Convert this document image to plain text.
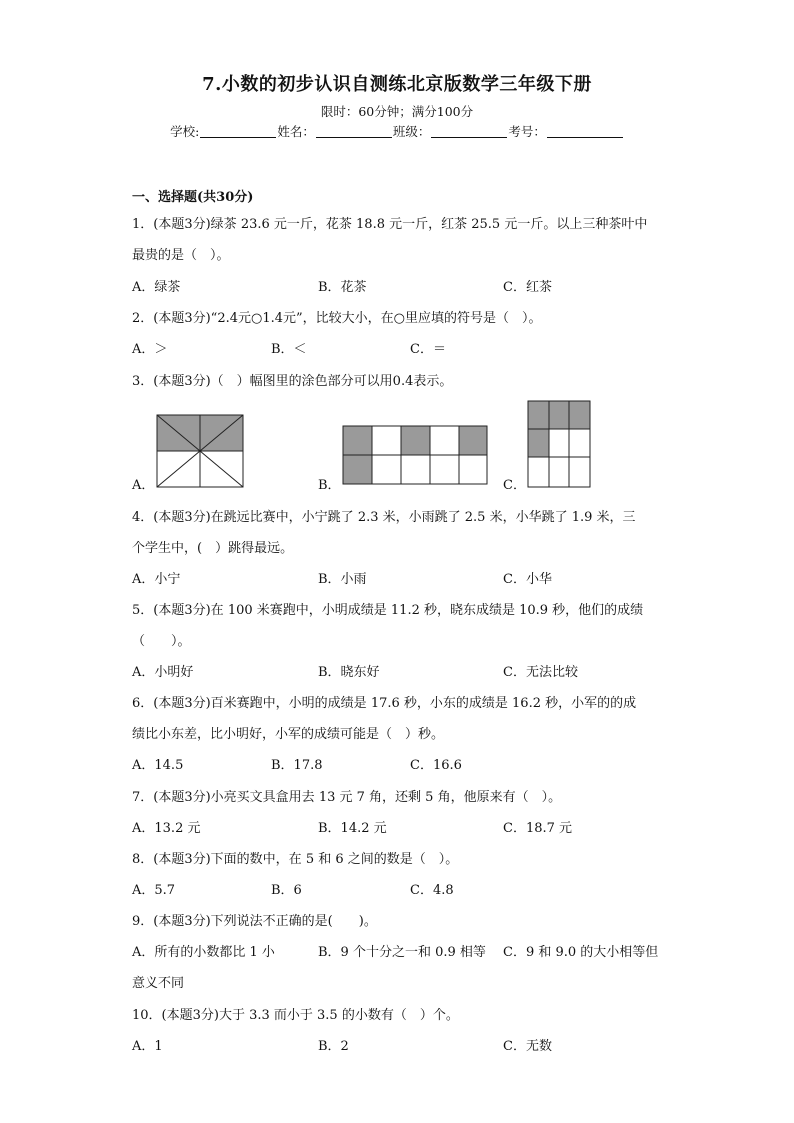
7.小数的初步认识自测练北京版数学三年级下册
限时：60分钟；满分100分
学校:	姓名：	班级：	考号：
一、选择题(共30分)
1．(本题3分)绿茶 23.6 元一斤，花茶 18.8 元一斤，红茶 25.5 元一斤。以上三种茶叶中
最贵的是（　）。
A．绿茶	B．花茶	C．红茶
2．(本题3分)“2.4元○1.4元”，比较大小，在○里应填的符号是（　）。
A．＞	B．＜	C．＝
3．(本题3分)（　）幅图里的涂色部分可以用0.4表示。
A．	B．	C．
4．(本题3分)在跳远比赛中，小宁跳了 2.3 米，小雨跳了 2.5 米，小华跳了 1.9 米，三
个学生中，(　）跳得最远。
A．小宁	B．小雨	C．小华
5．(本题3分)在 100 米赛跑中，小明成绩是 11.2 秒，晓东成绩是 10.9 秒，他们的成绩
（　　）。
A．小明好	B．晓东好	C．无法比较
6．(本题3分)百米赛跑中，小明的成绩是 17.6 秒，小东的成绩是 16.2 秒，小军的的成
绩比小东差，比小明好，小军的成绩可能是（　）秒。
A．14.5	B．17.8	C．16.6
7．(本题3分)小亮买文具盒用去 13 元 7 角，还剩 5 角，他原来有（　）。
A．13.2 元	B．14.2 元	C．18.7 元
8．(本题3分)下面的数中，在 5 和 6 之间的数是（　）。
A．5.7	B．6	C．4.8
9．(本题3分)下列说法不正确的是(　　)。
A．所有的小数都比 1 小	B．9 个十分之一和 0.9 相等 C．9 和 9.0 的大小相等但
意义不同
10．(本题3分)大于 3.3 而小于 3.5 的小数有（　）个。
A．1	B．2	C．无数
